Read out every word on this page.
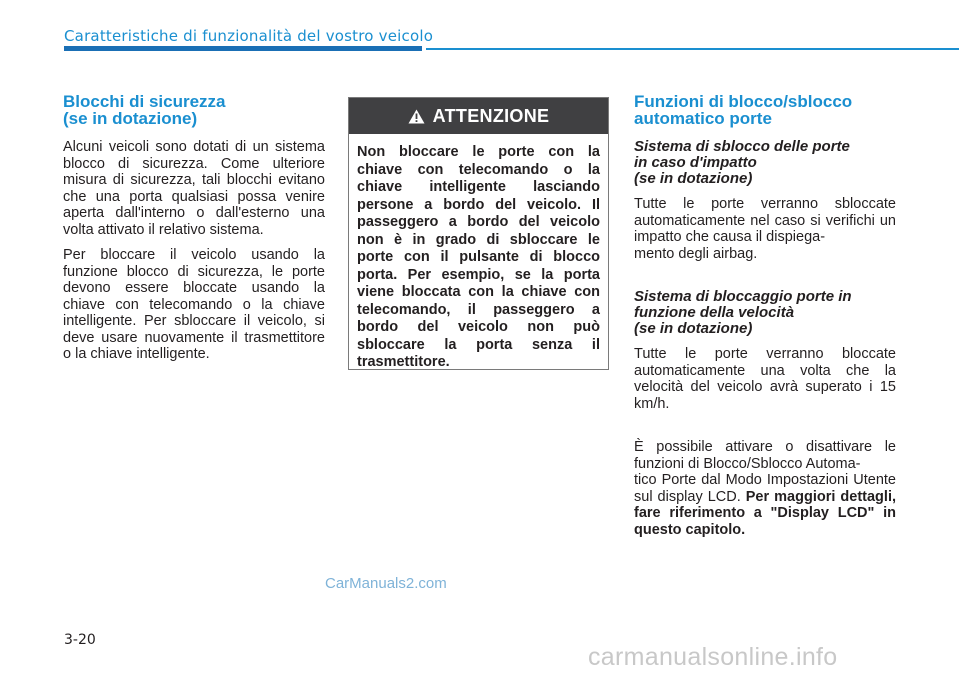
Caratteristiche di funzionalità del vostro veicolo
Blocchi di sicurezza
(se in dotazione)

Alcuni veicoli sono dotati di un sistema blocco di sicurezza. Come ulteriore misura di sicurezza, tali blocchi evitano che una porta qualsiasi possa venire aperta dall'interno o dall'esterno una volta attivato il relativo sistema.

Per bloccare il veicolo usando la funzione blocco di sicurezza, le porte devono essere bloccate usando la chiave con telecomando o la chiave intelligente. Per sbloccare il veicolo, si deve usare nuovamente il trasmettitore o la chiave intelligente.

ATTENZIONE

Non bloccare le porte con la chiave con telecomando o la chiave intelligente lasciando persone a bordo del veicolo. Il passeggero a bordo del veicolo non è in grado di sbloccare le porte con il pulsante di blocco porta. Per esempio, se la porta viene bloccata con la chiave con telecomando, il passeggero a bordo del veicolo non può sbloccare la porta senza il trasmettitore.

Funzioni di blocco/sblocco
automatico porte
Sistema di sblocco delle porte
in caso d'impatto
(se in dotazione)

Tutte le porte verranno sbloccate automaticamente nel caso si verifichi un impatto che causa il dispiega-
mento degli airbag.

Sistema di bloccaggio porte in
funzione della velocità
(se in dotazione)

Tutte le porte verranno bloccate automaticamente una volta che la velocità del veicolo avrà superato i 15 km/h.

È possibile attivare o disattivare le funzioni di Blocco/Sblocco Automa-
tico Porte dal Modo Impostazioni Utente sul display LCD. Per maggiori dettagli, fare riferimento a "Display LCD" in questo capitolo.

CarManuals2.com
3-20
carmanualsonline.info
